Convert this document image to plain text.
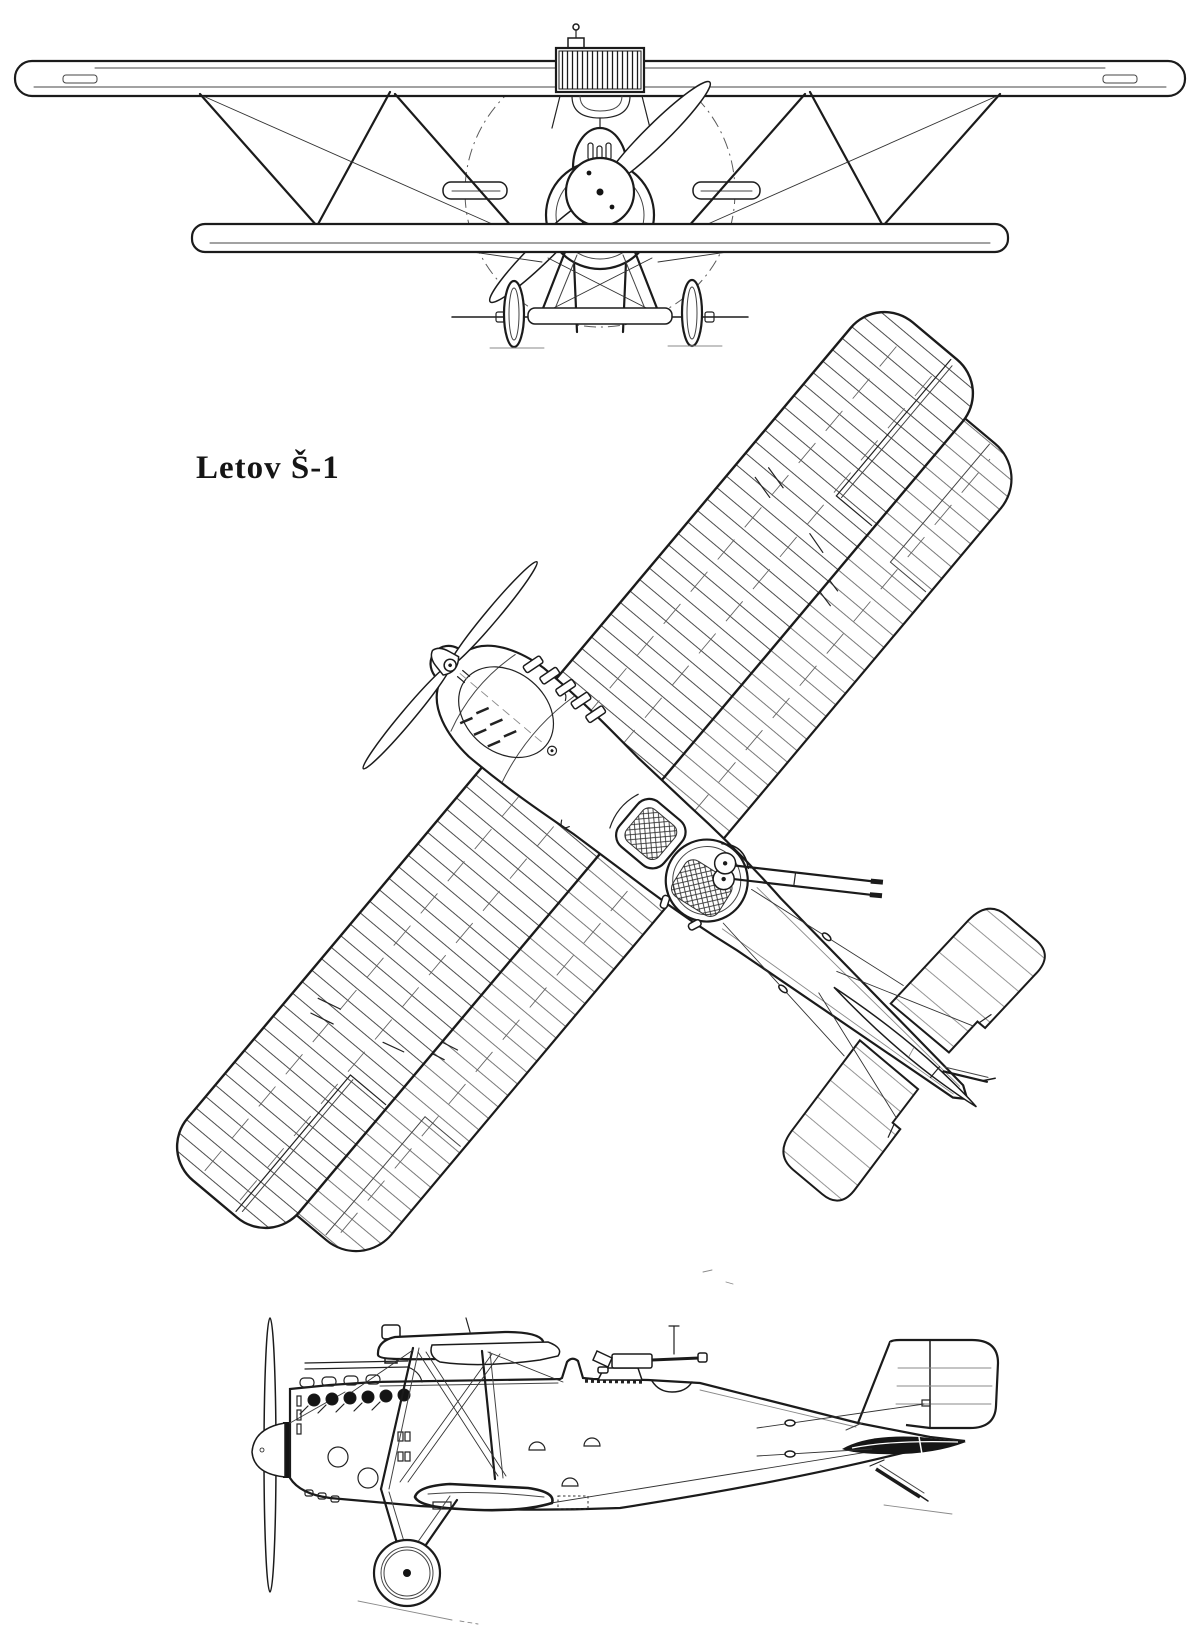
Letov Š-1
